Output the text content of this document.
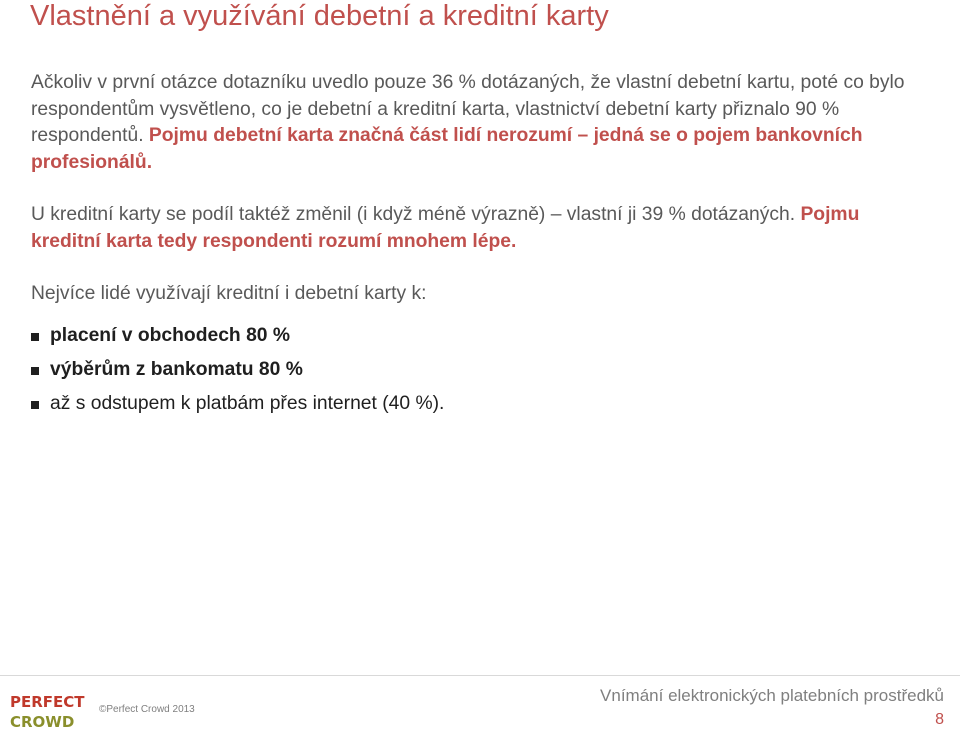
Vlastnění a využívání debetní a kreditní karty

Ačkoliv v první otázce dotazníku uvedlo pouze 36 % dotázaných, že vlastní debetní kartu, poté co bylo respondentům vysvětleno, co je debetní a kreditní karta, vlastnictví debetní karty přiznalo 90 % respondentů. Pojmu debetní karta značná část lidí nerozumí – jedná se o pojem bankovních profesionálů.

U kreditní karty se podíl taktéž změnil (i když méně výrazně) – vlastní ji 39 % dotázaných. Pojmu kreditní karta tedy respondenti rozumí mnohem lépe.

Nejvíce lidé využívají kreditní i debetní karty k:
placení v obchodech 80 %
výběrům z bankomatu 80 %
až s odstupem k platbám přes internet (40 %).
PERFECT
CROWD
©Perfect Crowd 2013
Vnímání elektronických platebních prostředků
8
